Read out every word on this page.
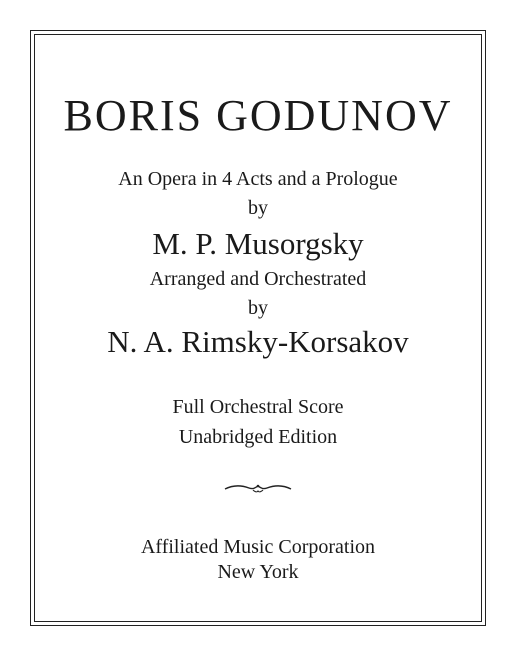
BORIS GODUNOV
An Opera in 4 Acts and a Prologue
by
M. P. Musorgsky
Arranged and Orchestrated
by
N. A. Rimsky-Korsakov
Full Orchestral Score
Unabridged Edition
Affiliated Music Corporation
New York
